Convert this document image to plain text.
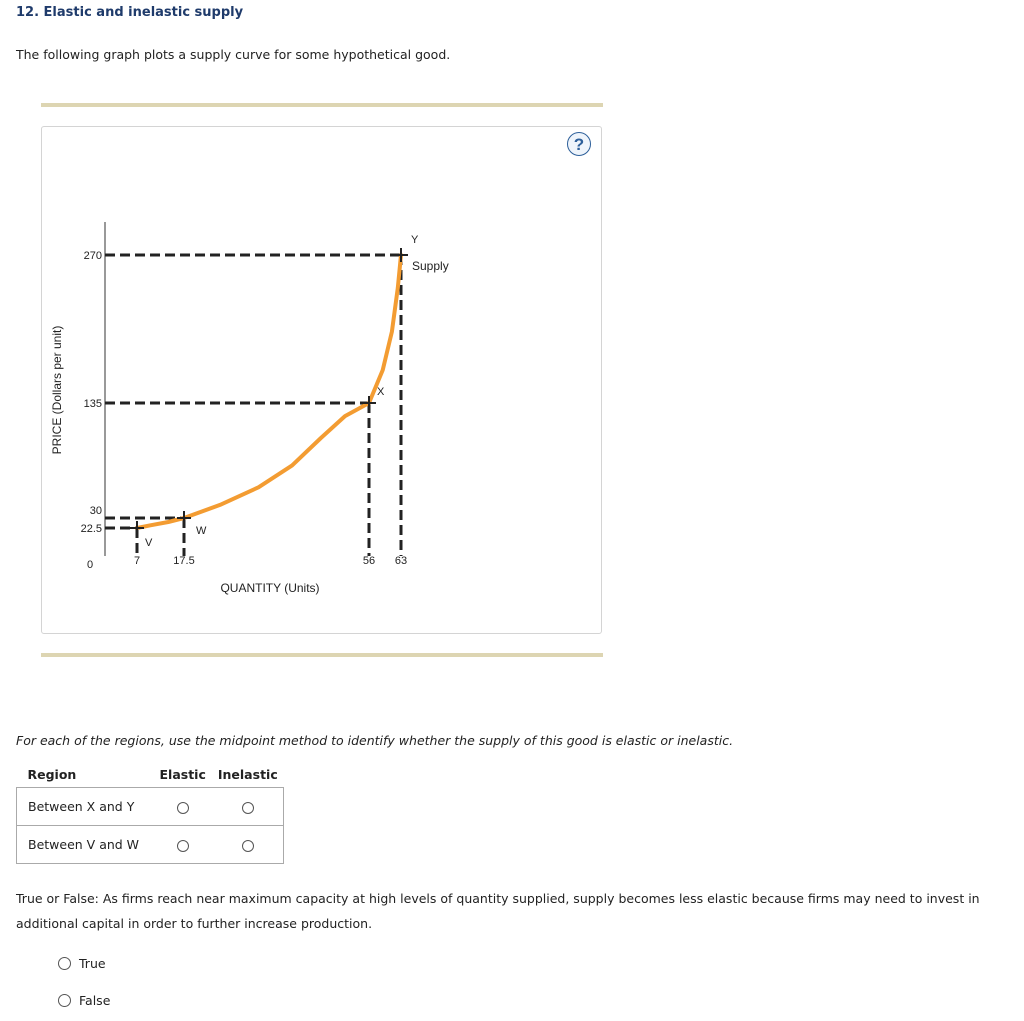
12. Elastic and inelastic supply
The following graph plots a supply curve for some hypothetical good.
?
V
W
X
Y
7	17.5	56 63
22.5
30
135
270
0
QUANTITY (Units)
PRICE (Dollars per unit)
Supply
For each of the regions, use the midpoint method to identify whether the supply of this good is elastic or inelastic.
Region	Elastic	Inelastic
Between X and Y		
Between V and W		
True or False: As firms reach near maximum capacity at high levels of quantity supplied, supply becomes less elastic because firms may need to invest in additional capital in order to further increase production.
True
False
